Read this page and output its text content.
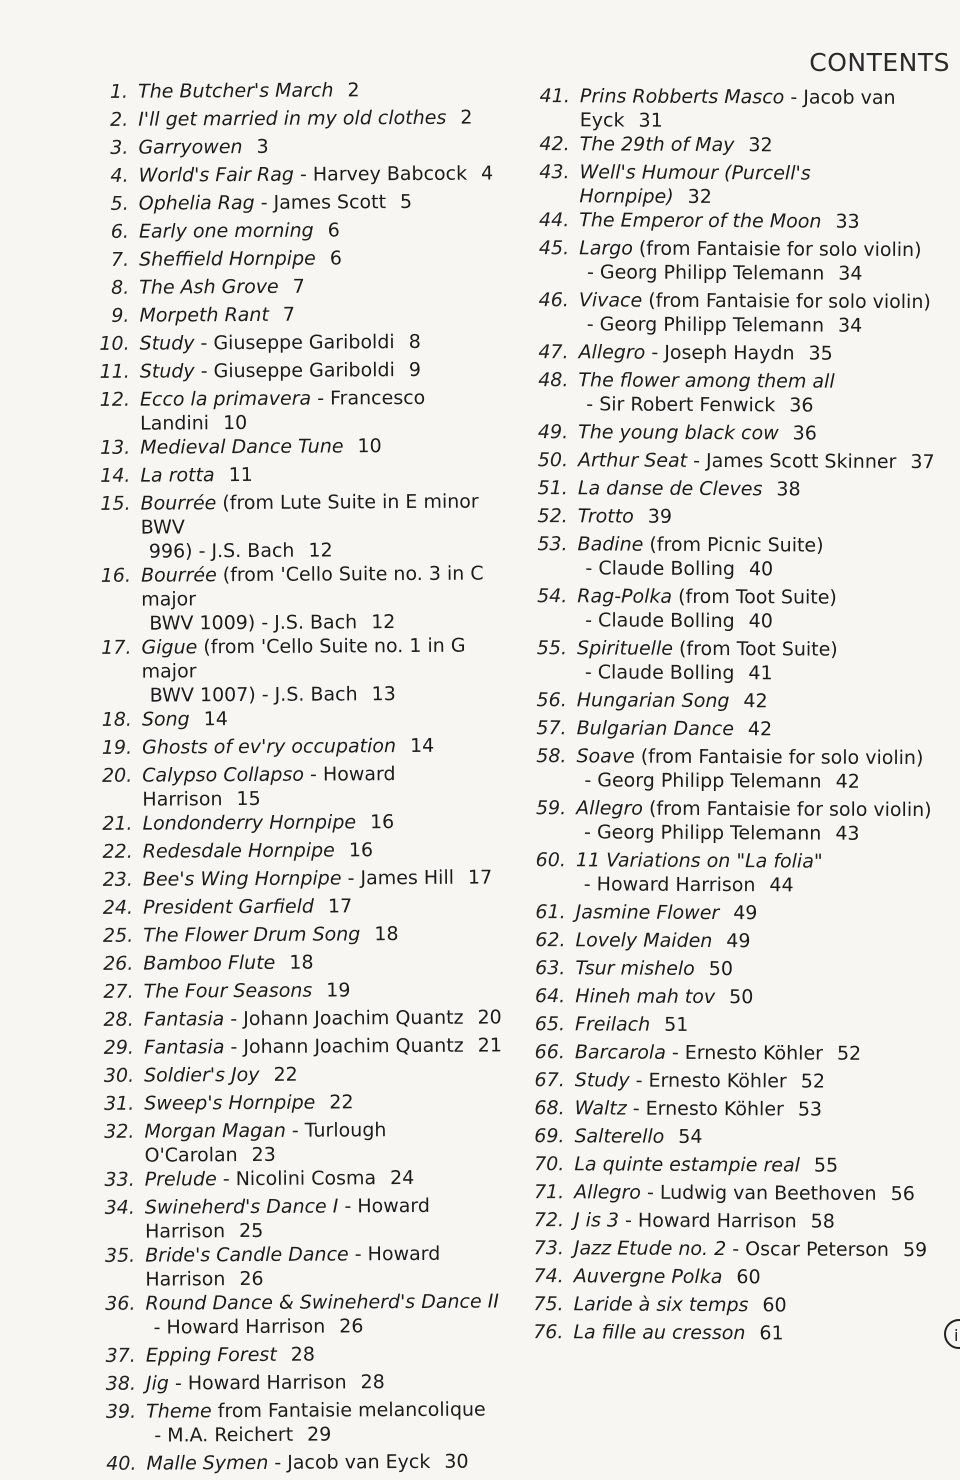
CONTENTS
1. The Butcher's March 2
2. I'll get married in my old clothes 2
3. Garryowen 3
4. World's Fair Rag - Harvey Babcock 4
5. Ophelia Rag - James Scott 5
6. Early one morning 6
7. Sheffield Hornpipe 6
8. The Ash Grove 7
9. Morpeth Rant 7
10. Study - Giuseppe Gariboldi 8
11. Study - Giuseppe Gariboldi 9
12. Ecco la primavera - Francesco Landini 10
13. Medieval Dance Tune 10
14. La rotta 11
15. Bourrée (from Lute Suite in E minor BWV
996) - J.S. Bach 12
16. Bourrée (from 'Cello Suite no. 3 in C major
BWV 1009) - J.S. Bach 12
17. Gigue (from 'Cello Suite no. 1 in G major
BWV 1007) - J.S. Bach 13
18. Song 14
19. Ghosts of ev'ry occupation 14
20. Calypso Collapso - Howard Harrison 15
21. Londonderry Hornpipe 16
22. Redesdale Hornpipe 16
23. Bee's Wing Hornpipe - James Hill 17
24. President Garfield 17
25. The Flower Drum Song 18
26. Bamboo Flute 18
27. The Four Seasons 19
28. Fantasia - Johann Joachim Quantz 20
29. Fantasia - Johann Joachim Quantz 21
30. Soldier's Joy 22
31. Sweep's Hornpipe 22
32. Morgan Magan - Turlough O'Carolan 23
33. Prelude - Nicolini Cosma 24
34. Swineherd's Dance I - Howard Harrison 25
35. Bride's Candle Dance - Howard Harrison 26
36. Round Dance & Swineherd's Dance II
- Howard Harrison 26
37. Epping Forest 28
38. Jig - Howard Harrison 28
39. Theme from Fantaisie melancolique
- M.A. Reichert 29
40. Malle Symen - Jacob van Eyck 30
41. Prins Robberts Masco - Jacob van Eyck 31
42. The 29th of May 32
43. Well's Humour (Purcell's Hornpipe) 32
44. The Emperor of the Moon 33
45. Largo (from Fantaisie for solo violin)
- Georg Philipp Telemann 34
46. Vivace (from Fantaisie for solo violin)
- Georg Philipp Telemann 34
47. Allegro - Joseph Haydn 35
48. The flower among them all
- Sir Robert Fenwick 36
49. The young black cow 36
50. Arthur Seat - James Scott Skinner 37
51. La danse de Cleves 38
52. Trotto 39
53. Badine (from Picnic Suite)
- Claude Bolling 40
54. Rag-Polka (from Toot Suite)
- Claude Bolling 40
55. Spirituelle (from Toot Suite)
- Claude Bolling 41
56. Hungarian Song 42
57. Bulgarian Dance 42
58. Soave (from Fantaisie for solo violin)
- Georg Philipp Telemann 42
59. Allegro (from Fantaisie for solo violin)
- Georg Philipp Telemann 43
60. 11 Variations on "La folia"
- Howard Harrison 44
61. Jasmine Flower 49
62. Lovely Maiden 49
63. Tsur mishelo 50
64. Hineh mah tov 50
65. Freilach 51
66. Barcarola - Ernesto Köhler 52
67. Study - Ernesto Köhler 52
68. Waltz - Ernesto Köhler 53
69. Salterello 54
70. La quinte estampie real 55
71. Allegro - Ludwig van Beethoven 56
72. J is 3 - Howard Harrison 58
73. Jazz Etude no. 2 - Oscar Peterson 59
74. Auvergne Polka 60
75. Laride à six temps 60
76. La fille au cresson 61	i
